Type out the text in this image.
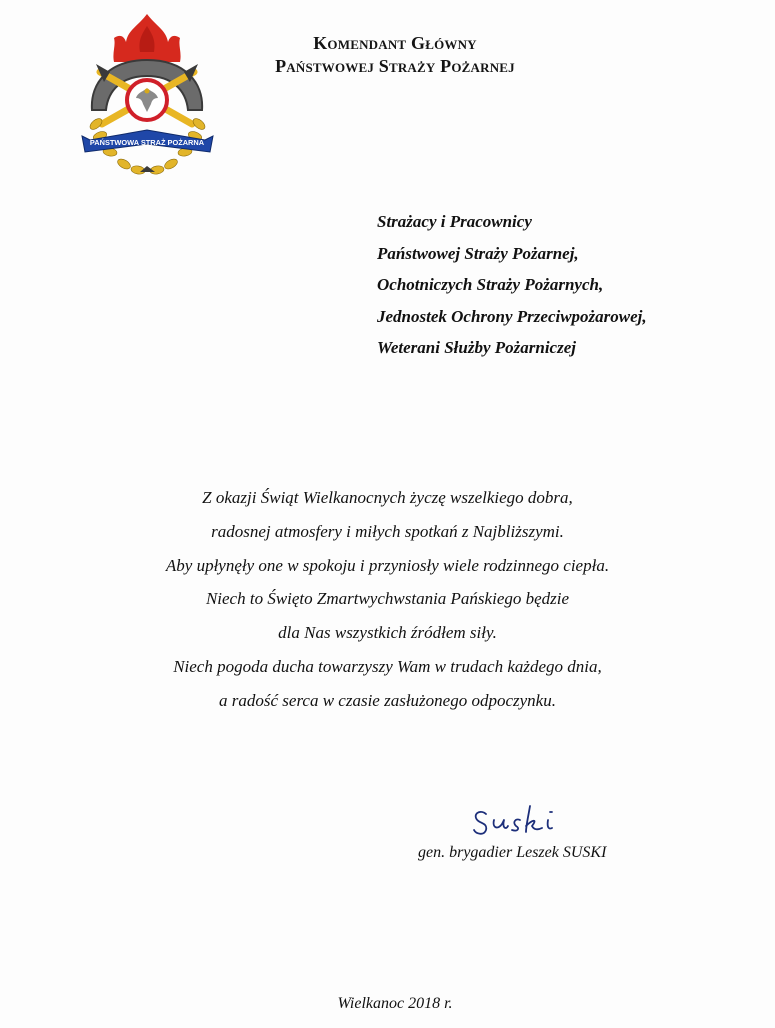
PAŃSTWOWA STRAŻ POŻARNA
Komendant Główny
Państwowej Straży Pożarnej
Strażacy i Pracownicy
Państwowej Straży Pożarnej,
Ochotniczych Straży Pożarnych,
Jednostek Ochrony Przeciwpożarowej,
Weterani Służby Pożarniczej
Z okazji Świąt Wielkanocnych życzę wszelkiego dobra,
radosnej atmosfery i miłych spotkań z Najbliższymi.
Aby upłynęły one w spokoju i przyniosły wiele rodzinnego ciepła.
Niech to Święto Zmartwychwstania Pańskiego będzie
dla Nas wszystkich źródłem siły.
Niech pogoda ducha towarzyszy Wam w trudach każdego dnia,
a radość serca w czasie zasłużonego odpoczynku.
gen. brygadier Leszek SUSKI
Wielkanoc 2018 r.
